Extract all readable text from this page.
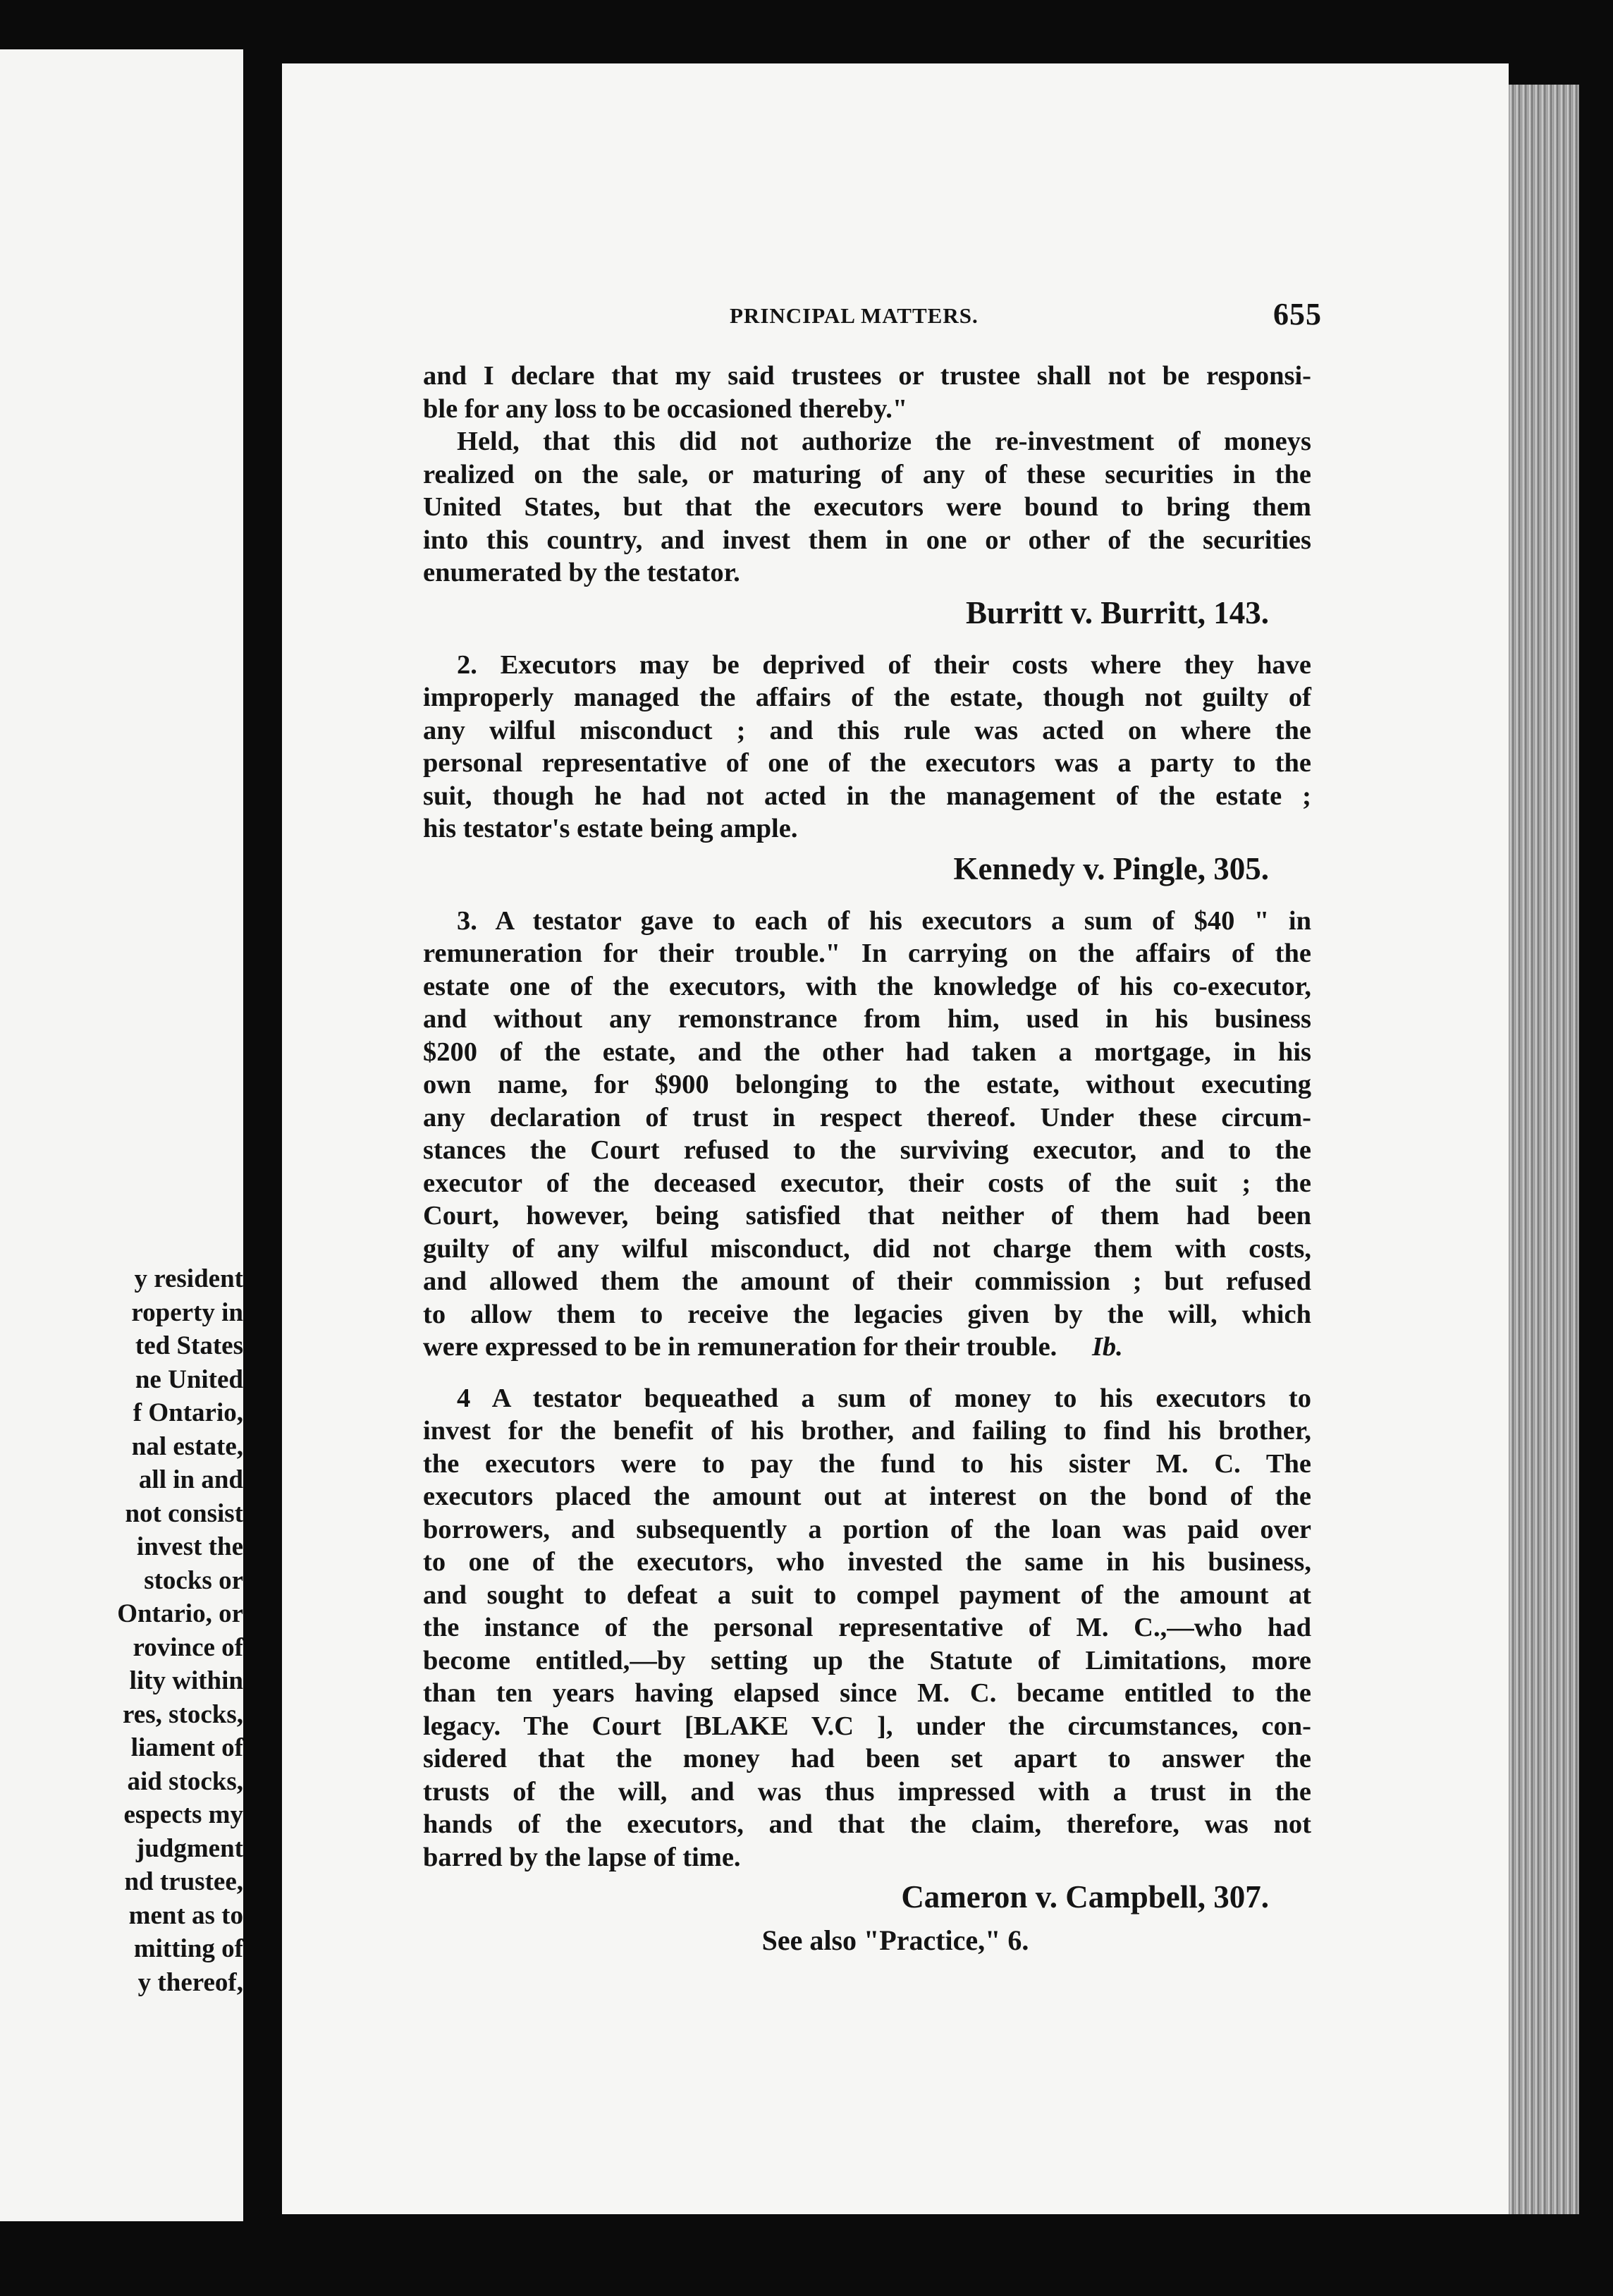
y resident
roperty in
ted States
ne United
f Ontario,
nal estate,
all in and
not consist
invest the
stocks or
Ontario, or
rovince of
lity within
res, stocks,
liament of
aid stocks,
espects my
judgment
nd trustee,
ment as to
mitting of
y thereof,
PRINCIPAL MATTERS.	655
and I declare that my said trustees or trustee shall not be responsi-
ble for any loss to be occasioned thereby."
Held, that this did not authorize the re-investment of moneys
realized on the sale, or maturing of any of these securities in the
United States, but that the executors were bound to bring them
into this country, and invest them in one or other of the securities
enumerated by the testator.
Burritt v. Burritt, 143.
2. Executors may be deprived of their costs where they have
improperly managed the affairs of the estate, though not guilty of
any wilful misconduct ; and this rule was acted on where the
personal representative of one of the executors was a party to the
suit, though he had not acted in the management of the estate ;
his testator's estate being ample.
Kennedy v. Pingle, 305.
3. A testator gave to each of his executors a sum of $40 " in
remuneration for their trouble." In carrying on the affairs of the
estate one of the executors, with the knowledge of his co-executor,
and without any remonstrance from him, used in his business
$200 of the estate, and the other had taken a mortgage, in his
own name, for $900 belonging to the estate, without executing
any declaration of trust in respect thereof. Under these circum-
stances the Court refused to the surviving executor, and to the
executor of the deceased executor, their costs of the suit ; the
Court, however, being satisfied that neither of them had been
guilty of any wilful misconduct, did not charge them with costs,
and allowed them the amount of their commission ; but refused
to allow them to receive the legacies given by the will, which
were expressed to be in remuneration for their trouble. Ib.
4 A testator bequeathed a sum of money to his executors to
invest for the benefit of his brother, and failing to find his brother,
the executors were to pay the fund to his sister M. C. The
executors placed the amount out at interest on the bond of the
borrowers, and subsequently a portion of the loan was paid over
to one of the executors, who invested the same in his business,
and sought to defeat a suit to compel payment of the amount at
the instance of the personal representative of M. C.,—who had
become entitled,—by setting up the Statute of Limitations, more
than ten years having elapsed since M. C. became entitled to the
legacy. The Court [BLAKE V.C ], under the circumstances, con-
sidered that the money had been set apart to answer the
trusts of the will, and was thus impressed with a trust in the
hands of the executors, and that the claim, therefore, was not
barred by the lapse of time.
Cameron v. Campbell, 307.
See also "Practice," 6.
